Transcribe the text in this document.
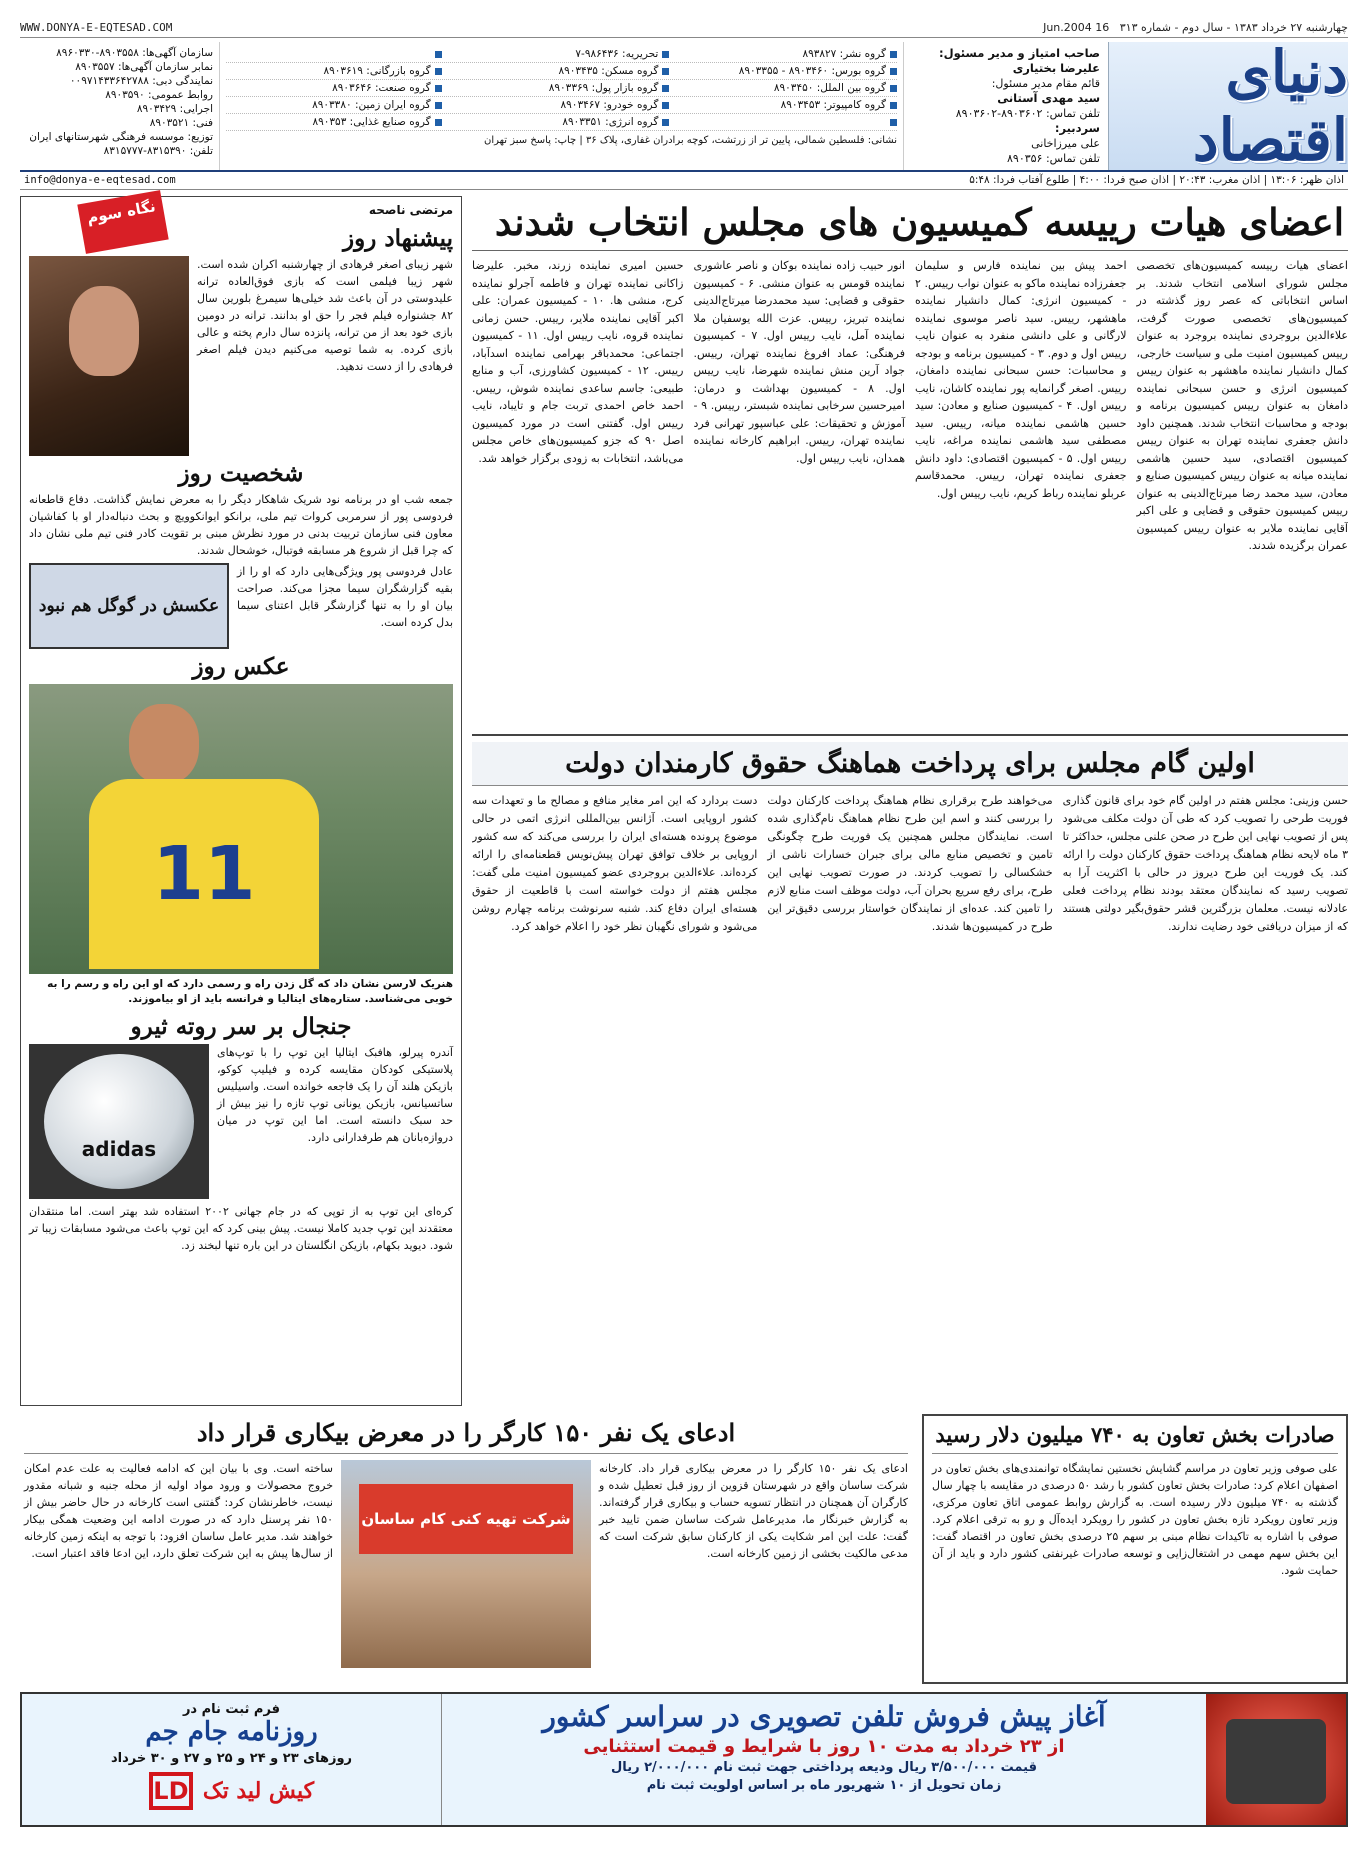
چهارشنبه ۲۷ خرداد ۱۳۸۳ - سال دوم - شماره ۳۱۳   16 Jun.2004
WWW.DONYA-E-EQTESAD.COM
دنیای اقتصاد
صاحب امتیاز و مدیر مسئول:
علیرضا بختیاری
قائم مقام مدیر مسئول:
سید مهدی آستانی
تلفن تماس: ۸۹۰۳۶۰۲-۸۹۰۳۶۰۲

سردبیر:
علی میرزاخانی
تلفن تماس: ۸۹۰۳۵۶
گروه نشر: ۸۹۳۸۲۷
تحریریه: ۹۸۶۴۳۶-۷
گروه بورس: ۸۹۰۳۴۶۰ - ۸۹۰۳۳۵۵
گروه مسکن: ۸۹۰۳۴۳۵
گروه بازرگانی: ۸۹۰۳۶۱۹
گروه بین الملل: ۸۹۰۳۴۵۰
گروه بازار پول: ۸۹۰۳۳۶۹
گروه صنعت: ۸۹۰۳۶۴۶
گروه کامپیوتر: ۸۹۰۳۴۵۳
گروه خودرو: ۸۹۰۳۴۶۷
گروه ایران زمین: ۸۹۰۳۳۸۰
گروه انرژی: ۸۹۰۳۳۵۱
گروه صنایع غذایی: ۸۹۰۳۵۳
نشانی: فلسطین شمالی، پایین تر از زرتشت، کوچه برادران غفاری، پلاک ۳۶ | چاپ: پاسخ سبز تهران
سازمان آگهی‌ها: ۸۹۰۳۵۵۸-۸۹۶۰۳۳۰
نمابر سازمان آگهی‌ها: ۸۹۰۳۵۵۷
نمایندگی دبی: ۰۰۹۷۱۴۳۳۶۴۲۷۸۸
روابط عمومی: ۸۹۰۳۵۹۰
اجرایی: ۸۹۰۳۴۲۹
فنی: ۸۹۰۳۵۲۱
توزیع: موسسه فرهنگی شهرستانهای ایران
تلفن: ۸۳۱۵۳۹۰-۸۳۱۵۷۷۷
اذان ظهر: ۱۳:۰۶ | اذان مغرب: ۲۰:۴۳ | اذان صبح فردا: ۴:۰۰ | طلوع آفتاب فردا: ۵:۴۸
info@donya-e-eqtesad.com
اعضای هیات رییسه کمیسیون های مجلس انتخاب شدند
اعضای هیات رییسه کمیسیون‌های تخصصی مجلس شورای اسلامی انتخاب شدند. بر اساس انتخاباتی که عصر روز گذشته در کمیسیون‌های تخصصی صورت گرفت، علاءالدین بروجردی نماینده بروجرد به عنوان رییس کمیسیون امنیت ملی و سیاست خارجی، کمال دانشیار نماینده ماهشهر به عنوان رییس کمیسیون انرژی و حسن سبحانی نماینده دامغان به عنوان رییس کمیسیون برنامه و بودجه و محاسبات انتخاب شدند. همچنین داود دانش جعفری نماینده تهران به عنوان رییس کمیسیون اقتصادی، سید حسین هاشمی نماینده میانه به عنوان رییس کمیسیون صنایع و معادن، سید محمد رضا میرتاج‌الدینی به عنوان رییس کمیسیون حقوقی و قضایی و علی اکبر آقایی نماینده ملایر به عنوان رییس کمیسیون عمران برگزیده شدند.
احمد پیش بین نماینده فارس و سلیمان جعفرزاده نماینده ماکو به عنوان نواب رییس. ۲ - کمیسیون انرژی: کمال دانشیار نماینده ماهشهر، رییس. سید ناصر موسوی نماینده لارگانی و علی دانشی منفرد به عنوان نایب رییس اول و دوم. ۳ - کمیسیون برنامه و بودجه و محاسبات: حسن سبحانی نماینده دامغان، رییس. اصغر گرانمایه پور نماینده کاشان، نایب رییس اول. ۴ - کمیسیون صنایع و معادن: سید حسین هاشمی نماینده میانه، رییس. سید مصطفی سید هاشمی نماینده مراغه، نایب رییس اول. ۵ - کمیسیون اقتصادی: داود دانش جعفری نماینده تهران، رییس. محمدقاسم عربلو نماینده رباط کریم، نایب رییس اول.
انور حبیب زاده نماینده بوکان و ناصر عاشوری نماینده قومس به عنوان منشی. ۶ - کمیسیون حقوقی و قضایی: سید محمدرضا میرتاج‌الدینی نماینده تبریز، رییس. عزت الله یوسفیان ملا نماینده آمل، نایب رییس اول. ۷ - کمیسیون فرهنگی: عماد افروغ نماینده تهران، رییس. جواد آرین منش نماینده شهرضا، نایب رییس اول. ۸ - کمیسیون بهداشت و درمان: امیرحسین سرخابی نماینده شبستر، رییس. ۹ - آموزش و تحقیقات: علی عباسپور تهرانی فرد نماینده تهران، رییس. ابراهیم کارخانه نماینده همدان، نایب رییس اول.
حسین امیری نماینده زرند، مخبر. علیرضا زاکانی نماینده تهران و فاطمه آجرلو نماینده کرج، منشی ها. ۱۰ - کمیسیون عمران: علی اکبر آقایی نماینده ملایر، رییس. حسن زمانی نماینده قروه، نایب رییس اول. ۱۱ - کمیسیون اجتماعی: محمدباقر بهرامی نماینده اسدآباد، رییس. ۱۲ - کمیسیون کشاورزی، آب و منابع طبیعی: جاسم ساعدی نماینده شوش، رییس. احمد خاص احمدی تربت جام و تایباد، نایب رییس اول. گفتنی است در مورد کمیسیون اصل ۹۰ که جزو کمیسیون‌های خاص مجلس می‌باشد، انتخابات به زودی برگزار خواهد شد.
اولین گام مجلس برای پرداخت هماهنگ حقوق کارمندان دولت
حسن وزینی: مجلس هفتم در اولین گام خود برای قانون گذاری فوریت طرحی را تصویب کرد که طی آن دولت مکلف می‌شود پس از تصویب نهایی این طرح در صحن علنی مجلس، حداکثر تا ۳ ماه لایحه نظام هماهنگ پرداخت حقوق کارکنان دولت را ارائه کند. یک فوریت این طرح دیروز در حالی با اکثریت آرا به تصویب رسید که نمایندگان معتقد بودند نظام پرداخت فعلی عادلانه نیست. معلمان بزرگترین قشر حقوق‌بگیر دولتی هستند که از میزان دریافتی خود رضایت ندارند.
می‌خواهند طرح برقراری نظام هماهنگ پرداخت کارکنان دولت را بررسی کنند و اسم این طرح نظام هماهنگ نام‌گذاری شده است. نمایندگان مجلس همچنین یک فوریت طرح چگونگی تامین و تخصیص منابع مالی برای جبران خسارات ناشی از خشکسالی را تصویب کردند. در صورت تصویب نهایی این طرح، برای رفع سریع بحران آب، دولت موظف است منابع لازم را تامین کند. عده‌ای از نمایندگان خواستار بررسی دقیق‌تر این طرح در کمیسیون‌ها شدند.
دست بردارد که این امر مغایر منافع و مصالح ما و تعهدات سه کشور اروپایی است. آژانس بین‌المللی انرژی اتمی در حالی موضوع پرونده هسته‌ای ایران را بررسی می‌کند که سه کشور اروپایی بر خلاف توافق تهران پیش‌نویس قطعنامه‌ای را ارائه کرده‌اند. علاءالدین بروجردی عضو کمیسیون امنیت ملی گفت: مجلس هفتم از دولت خواسته است با قاطعیت از حقوق هسته‌ای ایران دفاع کند. شنبه سرنوشت برنامه چهارم روشن می‌شود و شورای نگهبان نظر خود را اعلام خواهد کرد.
مرتضی ناصحه
نگاه سوم
پیشنهاد روز
شهر زیبای اصغر فرهادی از چهارشنبه اکران شده است. شهر زیبا فیلمی است که بازی فوق‌العاده ترانه علیدوستی در آن باعث شد خیلی‌ها سیمرغ بلورین سال ۸۲ جشنواره فیلم فجر را حق او بدانند. ترانه در دومین بازی خود بعد از من ترانه، پانزده سال دارم پخته و عالی بازی کرده. به شما توصیه می‌کنیم دیدن فیلم اصغر فرهادی را از دست ندهید.
شخصیت روز
جمعه شب او در برنامه نود شریک شاهکار دیگر را به معرض نمایش گذاشت. دفاع قاطعانه فردوسی پور از سرمربی کروات تیم ملی، برانکو ایوانکوویچ و بحث دنباله‌دار او با کفاشیان معاون فنی سازمان تربیت بدنی در مورد نظرش مبنی بر تقویت کادر فنی تیم ملی نشان داد که چرا قبل از شروع هر مسابقه فوتبال، خوشحال شدند.
عادل فردوسی پور ویژگی‌هایی دارد که او را از بقیه گزارشگران سیما مجزا می‌کند. صراحت بیان او را به تنها گزارشگر قابل اعتنای سیما بدل کرده است.
عکسش در گوگل هم نبود
عکس روز
11
هنریک لارسن نشان داد که گل زدن راه و رسمی دارد که او این راه و رسم را به خوبی می‌شناسد. ستاره‌های ایتالیا و فرانسه باید از او بیاموزند.
جنجال بر سر روته ثیرو
آندره پیرلو، هافبک ایتالیا این توپ را با توپ‌های پلاستیکی کودکان مقایسه کرده و فیلیپ کوکو، بازیکن هلند آن را یک فاجعه خوانده است. واسیلیس ساتسیانس، بازیکن یونانی توپ تازه را نیز بیش از حد سبک دانسته است. اما این توپ در میان دروازه‌بانان هم طرفدارانی دارد.
adidas
کره‌ای این توپ به از توپی که در جام جهانی ۲۰۰۲ استفاده شد بهتر است. اما منتقدان معتقدند این توپ جدید کاملا نیست. پیش بینی کرد که این توپ باعث می‌شود مسابقات زیبا تر شود. دیوید بکهام، بازیکن انگلستان در این باره تنها لبخند زد.
صادرات بخش تعاون به ۷۴۰ میلیون دلار رسید
علی صوفی وزیر تعاون در مراسم گشایش نخستین نمایشگاه توانمندی‌های بخش تعاون در اصفهان اعلام کرد: صادرات بخش تعاون کشور با رشد ۵۰ درصدی در مقایسه با چهار سال گذشته به ۷۴۰ میلیون دلار رسیده است. به گزارش روابط عمومی اتاق تعاون مرکزی، وزیر تعاون رویکرد تازه بخش تعاون در کشور را رویکرد ایده‌آل و رو به ترقی اعلام کرد. صوفی با اشاره به تاکیدات نظام مبنی بر سهم ۲۵ درصدی بخش تعاون در اقتصاد گفت: این بخش سهم مهمی در اشتغال‌زایی و توسعه صادرات غیرنفتی کشور دارد و باید از آن حمایت شود.
ادعای یک نفر ۱۵۰ کارگر را در معرض بیکاری قرار داد
ادعای یک نفر ۱۵۰ کارگر را در معرض بیکاری قرار داد. کارخانه شرکت ساسان واقع در شهرستان قزوین از روز قبل تعطیل شده و کارگران آن همچنان در انتظار تسویه حساب و بیکاری قرار گرفته‌اند. به گزارش خبرنگار ما، مدیرعامل شرکت ساسان ضمن تایید خبر گفت: علت این امر شکایت یکی از کارکنان سابق شرکت است که مدعی مالکیت بخشی از زمین کارخانه است.
شرکت تهیه کنی کام ساسان
ساخته است. وی با بیان این که ادامه فعالیت به علت عدم امکان خروج محصولات و ورود مواد اولیه از محله جنبه و شبانه مقدور نیست، خاطرنشان کرد: گفتنی است کارخانه در حال حاضر بیش از ۱۵۰ نفر پرسنل دارد که در صورت ادامه این وضعیت همگی بیکار خواهند شد. مدیر عامل ساسان افزود: با توجه به اینکه زمین کارخانه از سال‌ها پیش به این شرکت تعلق دارد، این ادعا فاقد اعتبار است.
آغاز پیش فروش تلفن تصویری در سراسر کشور
از ۲۳ خرداد به مدت ۱۰ روز با شرایط و قیمت استثنایی
قیمت ۳/۵۰۰/۰۰۰ ریال ودیعه پرداختی جهت ثبت نام ۲/۰۰۰/۰۰۰ ریال
زمان تحویل از ۱۰ شهریور ماه بر اساس اولویت ثبت نام
فرم ثبت نام در
روزنامه جام جم
روزهای ۲۳ و ۲۴ و ۲۵ و ۲۷ و ۳۰ خرداد
کیش لید تک
LD
